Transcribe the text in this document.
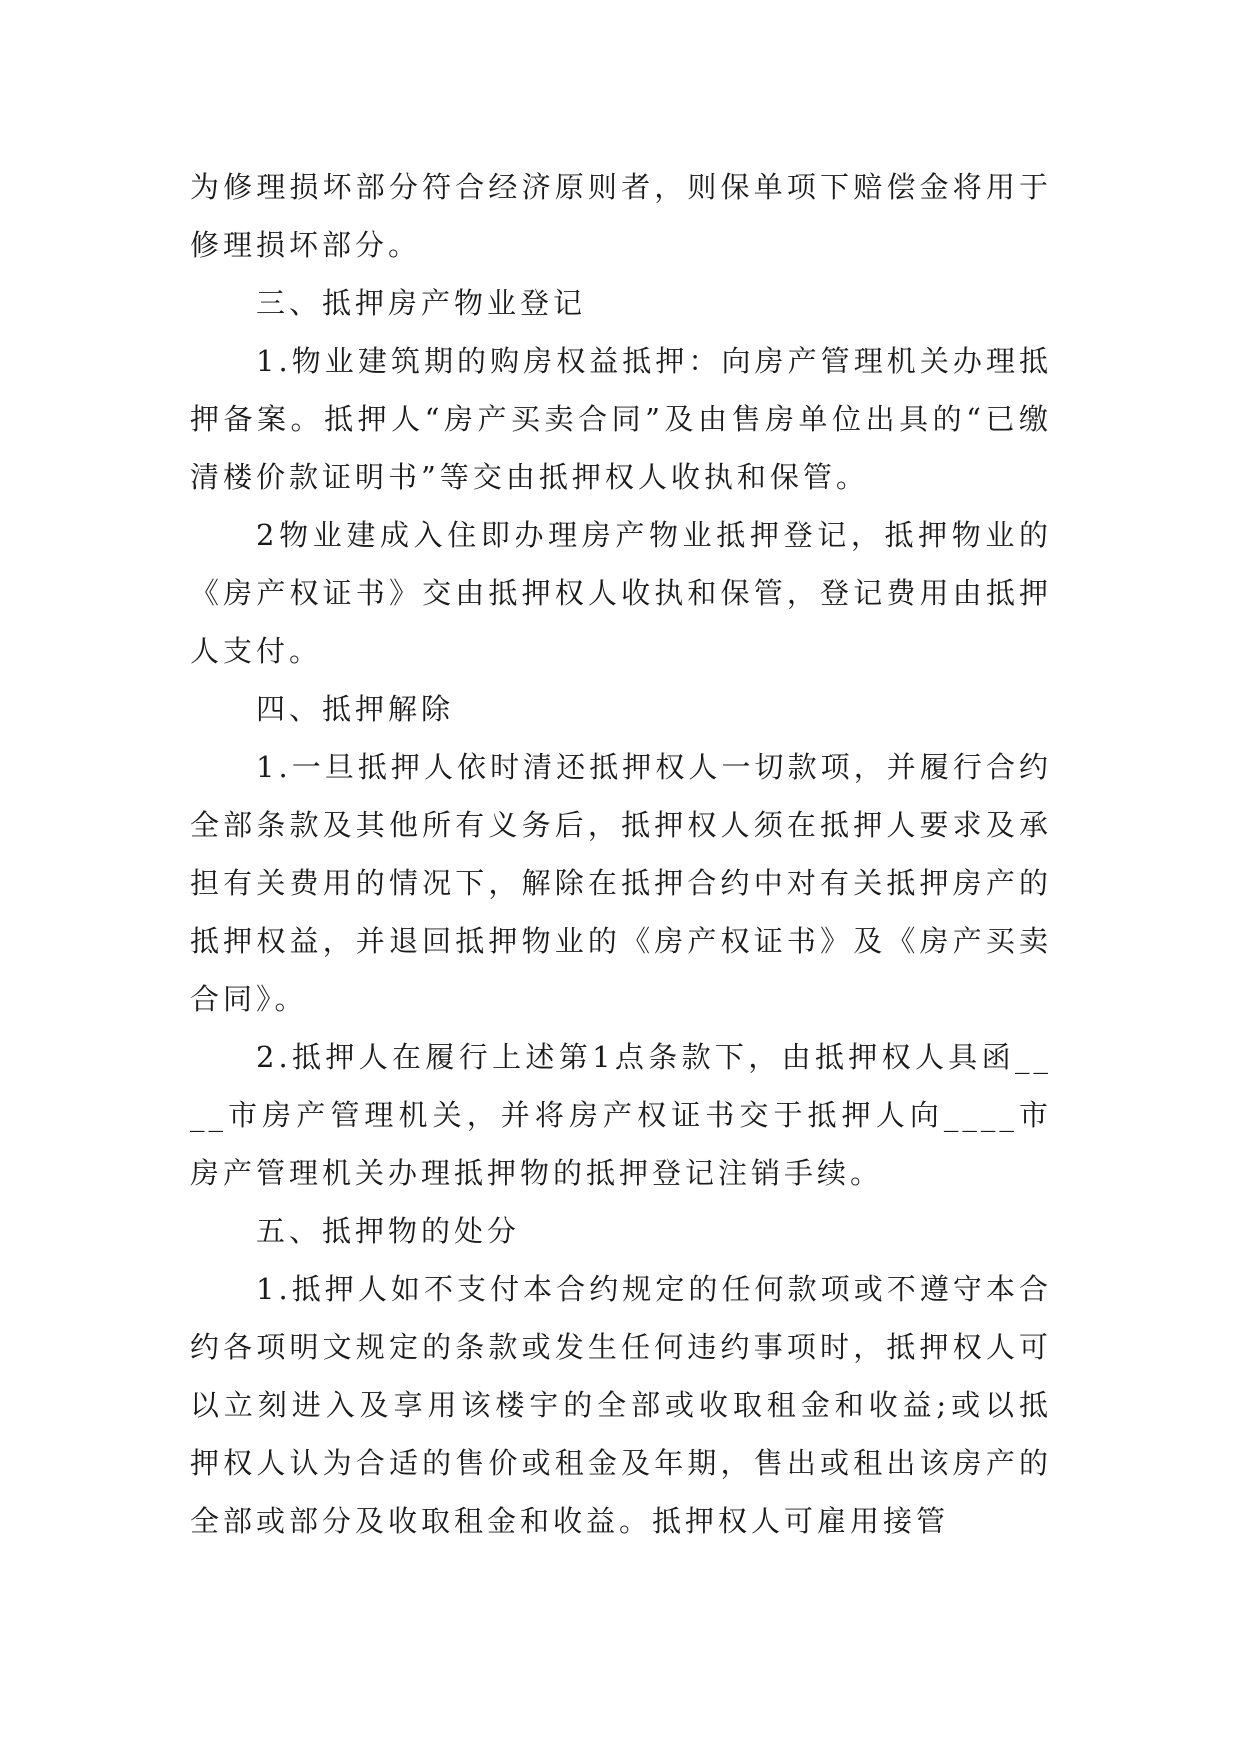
为修理损坏部分符合经济原则者，则保单项下赔偿金将用于修理损坏部分。

三、抵押房产物业登记

1.物业建筑期的购房权益抵押：向房产管理机关办理抵押备案。抵押人“房产买卖合同”及由售房单位出具的“已缴清楼价款证明书”等交由抵押权人收执和保管。

2物业建成入住即办理房产物业抵押登记，抵押物业的《房产权证书》交由抵押权人收执和保管，登记费用由抵押人支付。

四、抵押解除

1.一旦抵押人依时清还抵押权人一切款项，并履行合约全部条款及其他所有义务后，抵押权人须在抵押人要求及承担有关费用的情况下，解除在抵押合约中对有关抵押房产的抵押权益，并退回抵押物业的《房产权证书》及《房产买卖合同》。

2.抵押人在履行上述第1点条款下，由抵押权人具函____市房产管理机关，并将房产权证书交于抵押人向____市房产管理机关办理抵押物的抵押登记注销手续。

五、抵押物的处分

1.抵押人如不支付本合约规定的任何款项或不遵守本合约各项明文规定的条款或发生任何违约事项时，抵押权人可以立刻进入及享用该楼宇的全部或收取租金和收益;或以抵押权人认为合适的售价或租金及年期，售出或租出该房产的全部或部分及收取租金和收益。抵押权人可雇用接管
